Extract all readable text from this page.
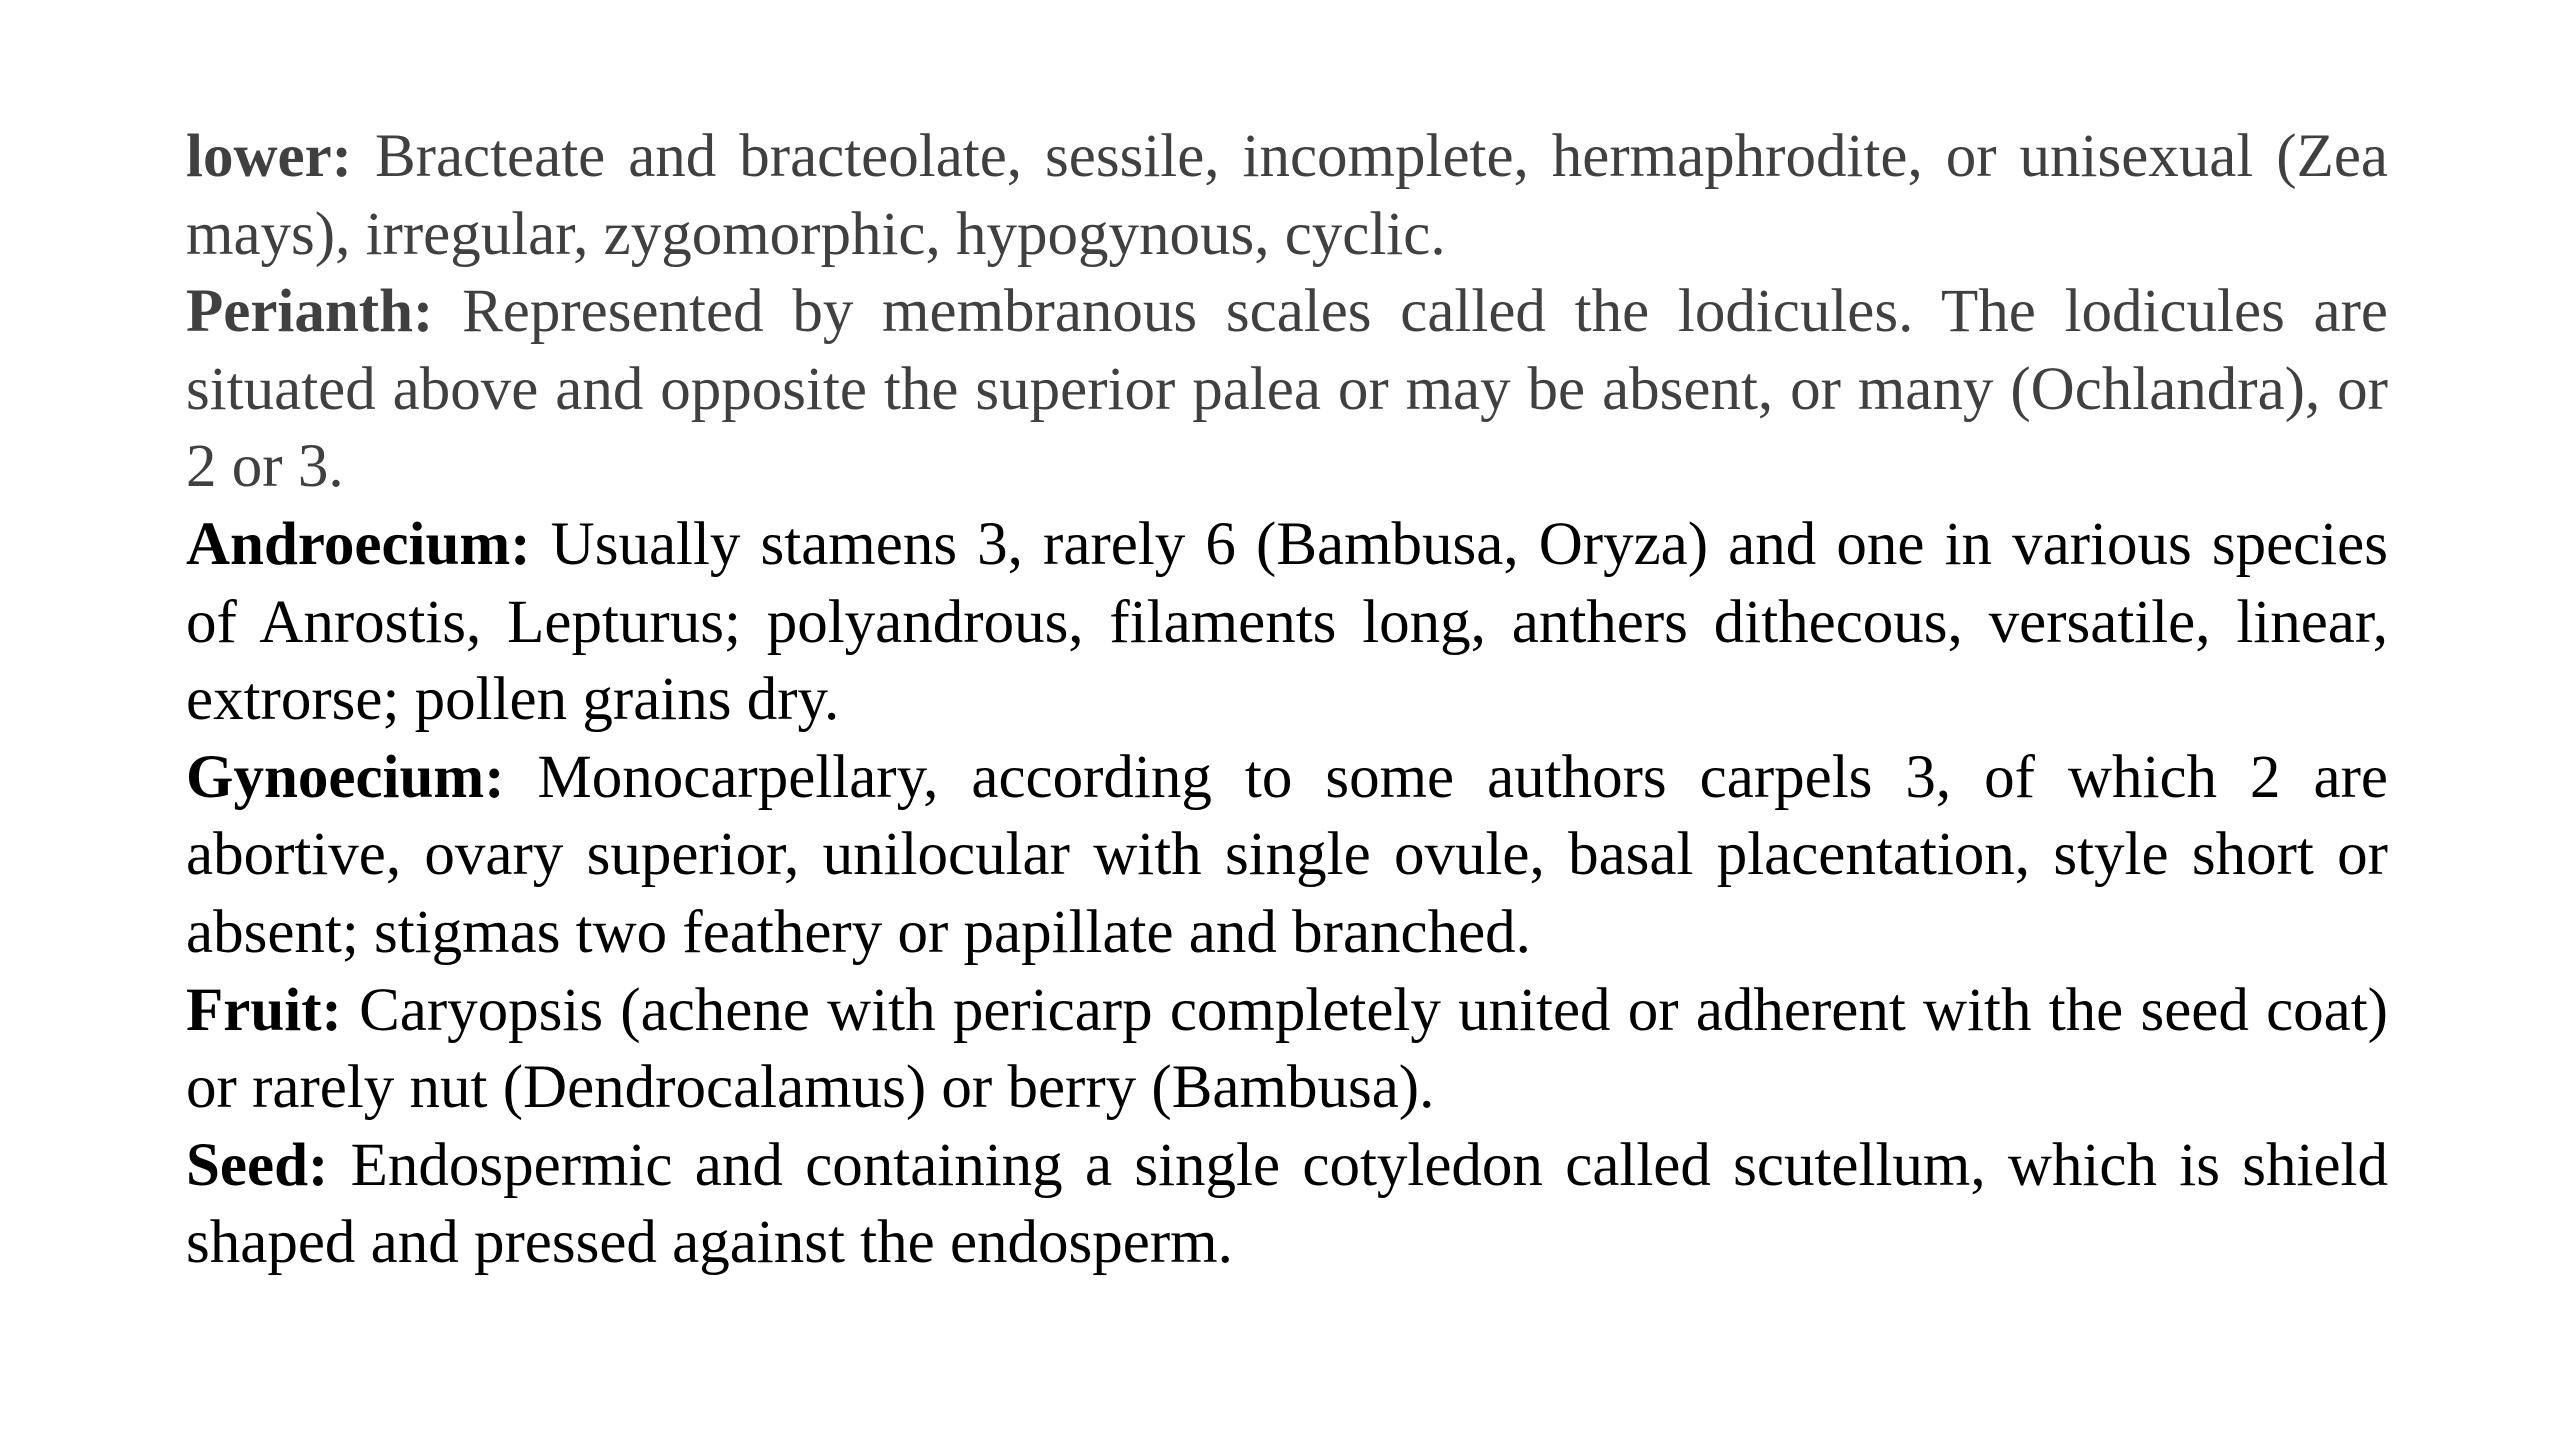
lower: Bracteate and bracteolate, sessile, incomplete, hermaphrodite, or unisexual (Zea mays), irregular, zygomorphic, hypogynous, cyclic.

Perianth: Represented by membranous scales called the lodicules. The lodicules are situated above and opposite the superior palea or may be absent, or many (Ochlandra), or 2 or 3.

Androecium: Usually stamens 3, rarely 6 (Bambusa, Oryza) and one in various species of Anrostis, Lepturus; polyandrous, filaments long, anthers dithecous, versatile, linear, extrorse; pollen grains dry.

Gynoecium: Monocarpellary, according to some authors carpels 3, of which 2 are abortive, ovary superior, unilocular with single ovule, basal placentation, style short or absent; stigmas two feathery or papillate and branched.

Fruit: Caryopsis (achene with pericarp completely united or adherent with the seed coat) or rarely nut (Dendrocalamus) or berry (Bambusa).

Seed: Endospermic and containing a single cotyledon called scutellum, which is shield shaped and pressed against the endosperm.
